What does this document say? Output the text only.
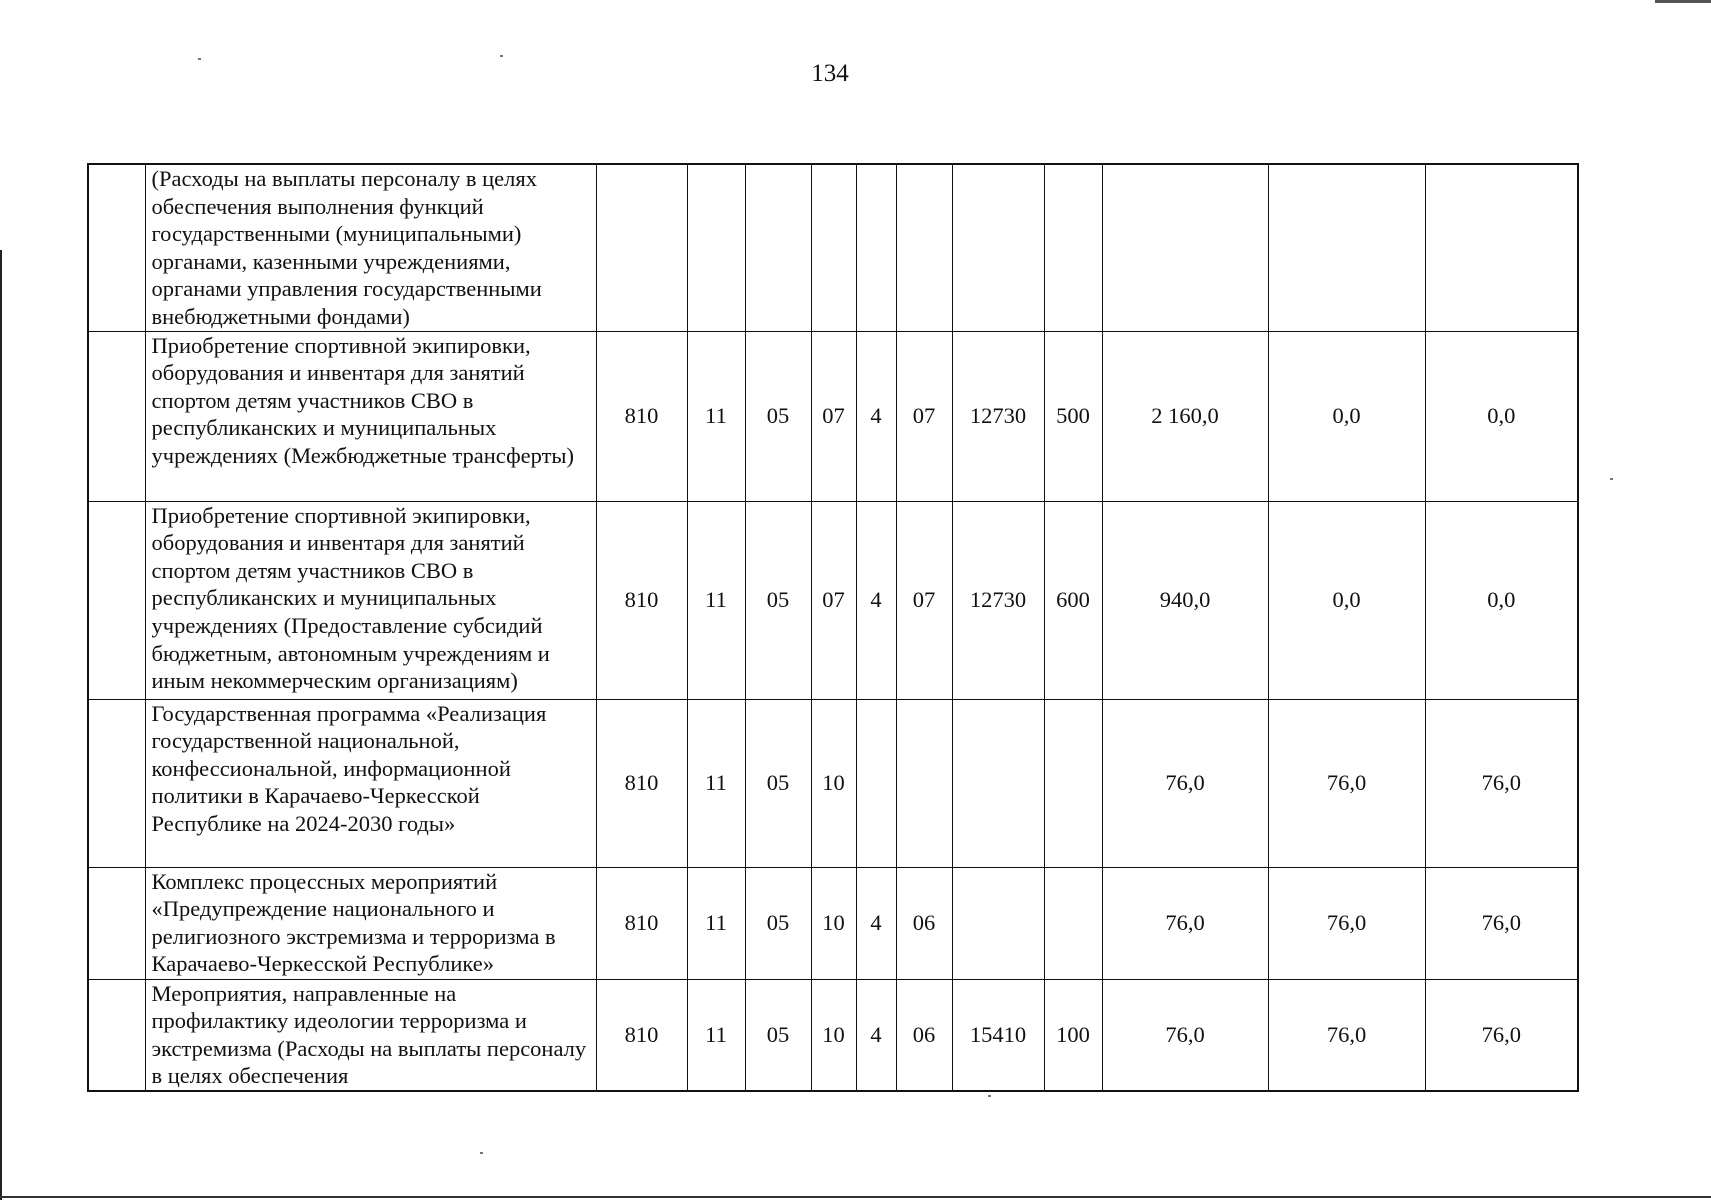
134
	(Расходы на выплаты персоналу в целях обеспечения выполнения функций государственными (муниципальными) органами, казенными учреждениями, органами управления государственными внебюджетными фондами)											
	Приобретение спортивной экипировки, оборудования и инвентаря для занятий спортом детям участников СВО в республиканских и муниципальных учреждениях (Межбюджетные трансферты)	810	11	05	07	4	07	12730	500	2 160,0	0,0	0,0
	Приобретение спортивной экипировки, оборудования и инвентаря для занятий спортом детям участников СВО в республиканских и муниципальных учреждениях (Предоставление субсидий бюджетным, автономным учреждениям и иным некоммерческим организациям)	810	11	05	07	4	07	12730	600	940,0	0,0	0,0
	Государственная программа «Реализация государственной национальной, конфессиональной, информационной политики в Карачаево-Черкесской Республике на 2024-2030 годы»	810	11	05	10					76,0	76,0	76,0
	Комплекс процессных мероприятий «Предупреждение национального и религиозного экстремизма и терроризма в Карачаево-Черкесской Республике»	810	11	05	10	4	06			76,0	76,0	76,0
	Мероприятия, направленные на профилактику идеологии терроризма и экстремизма (Расходы на выплаты персоналу в целях обеспечения	810	11	05	10	4	06	15410	100	76,0	76,0	76,0
